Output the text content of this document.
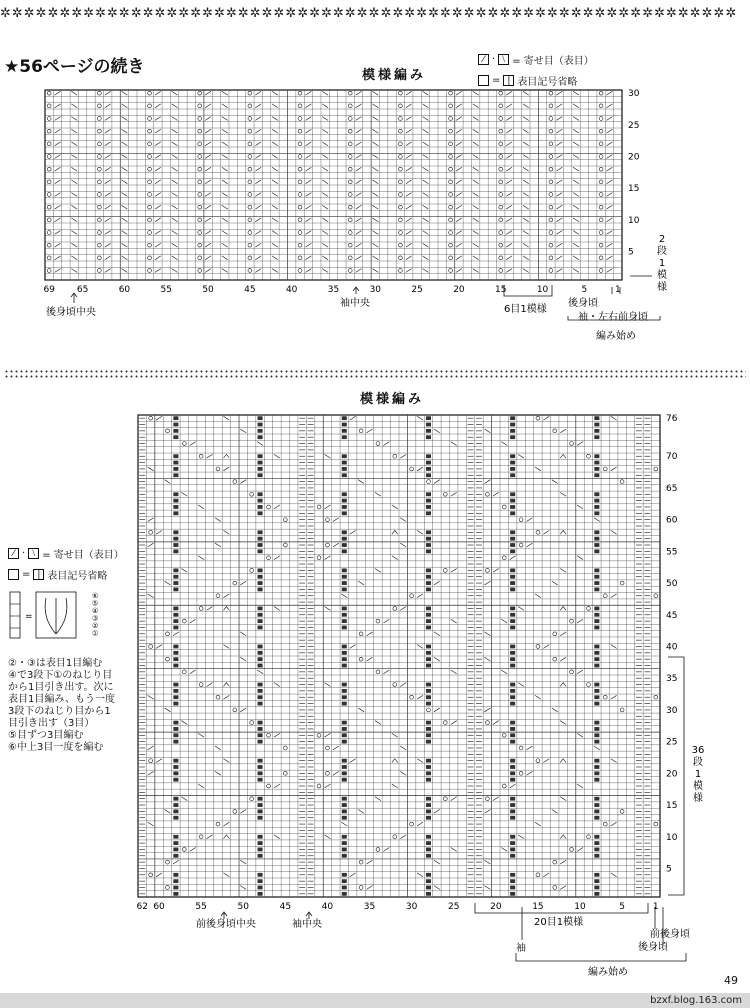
✲✲✲✲✲✲✲✲✲✲✲✲✲✲✲✲✲✲✲✲✲✲✲✲✲✲✲✲✲✲✲✲✲✲✲✲✲✲✲✲✲✲✲✲✲✲✲✲✲✲✲✲✲✲✲✲✲✲✲✲✲✲
★56ページの続き	模様編み
⁄ · ⧵ = 寄せ目（表目）
= | 表目記号省略
69 65	60	55	50	45	40	35	30	25	20	15	10	5	1
5
10
15
20
25
30
後身頃中央
袖中央
6目1模様
後身頃
袖・左右前身頃
編み始め
2
段
1
模
様
模様編み
⁄ · ⧵ = 寄せ目（表目）
= | 表目記号省略
=
⑥
⑤
④
③
②
①
②・③は表目1目編む
④で3段下①のねじり目
から1目引き出す。次に
表目1目編み、もう一度
3段下のねじり目から1
目引き出す（3目）
⑤目ずつ3目編む
⑥中上3目一度を編む
62 60	55	50	45	40	35	30	25	20	15	10	5	1
5
10
15
20
25
30
35
40
45
50
55
60
65
70
76
前後身頃中央	袖中央	20目1模様
袖
前後身頃
後身頃
編み始め
36
段
1
模
様
49
bzxf.blog.163.com
